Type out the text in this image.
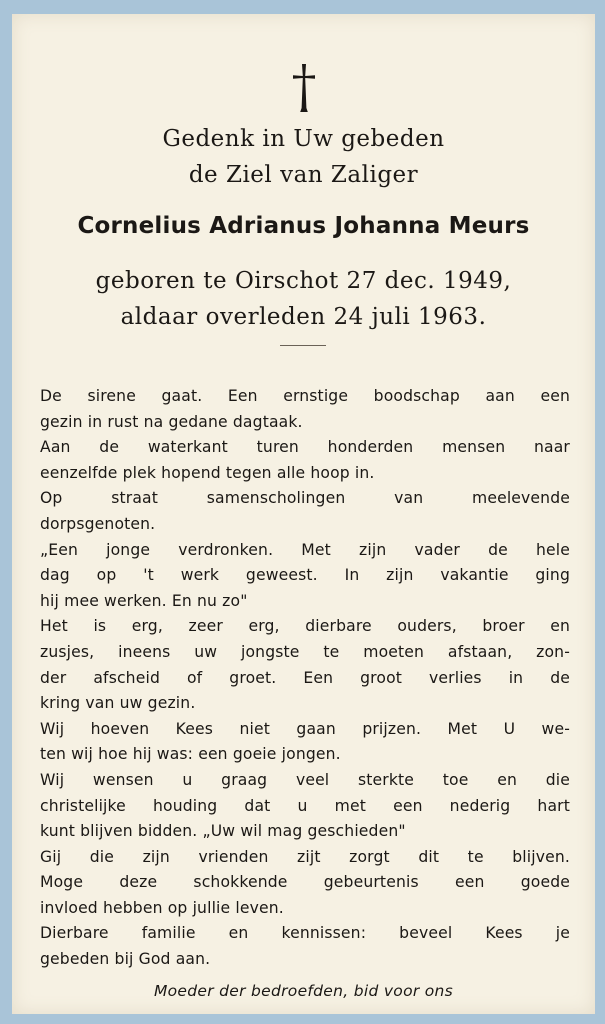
Gedenk in Uw gebeden
de Ziel van Zaliger
Cornelius Adrianus Johanna Meurs
geboren te Oirschot 27 dec. 1949,
aldaar overleden 24 juli 1963.
De sirene gaat. Een ernstige boodschap aan een
gezin in rust na gedane dagtaak.
Aan de waterkant turen honderden mensen naar
eenzelfde plek hopend tegen alle hoop in.
Op straat samenscholingen van meelevende
dorpsgenoten.
„Een jonge verdronken. Met zijn vader de hele
dag op 't werk geweest. In zijn vakantie ging
hij mee werken. En nu zo"
Het is erg, zeer erg, dierbare ouders, broer en
zusjes, ineens uw jongste te moeten afstaan, zon-
der afscheid of groet. Een groot verlies in de
kring van uw gezin.
Wij hoeven Kees niet gaan prijzen. Met U we-
ten wij hoe hij was: een goeie jongen.
Wij wensen u graag veel sterkte toe en die
christelijke houding dat u met een nederig hart
kunt blijven bidden. „Uw wil mag geschieden"
Gij die zijn vrienden zijt zorgt dit te blijven.
Moge deze schokkende gebeurtenis een goede
invloed hebben op jullie leven.
Dierbare familie en kennissen: beveel Kees je
gebeden bij God aan.
Moeder der bedroefden, bid voor ons
